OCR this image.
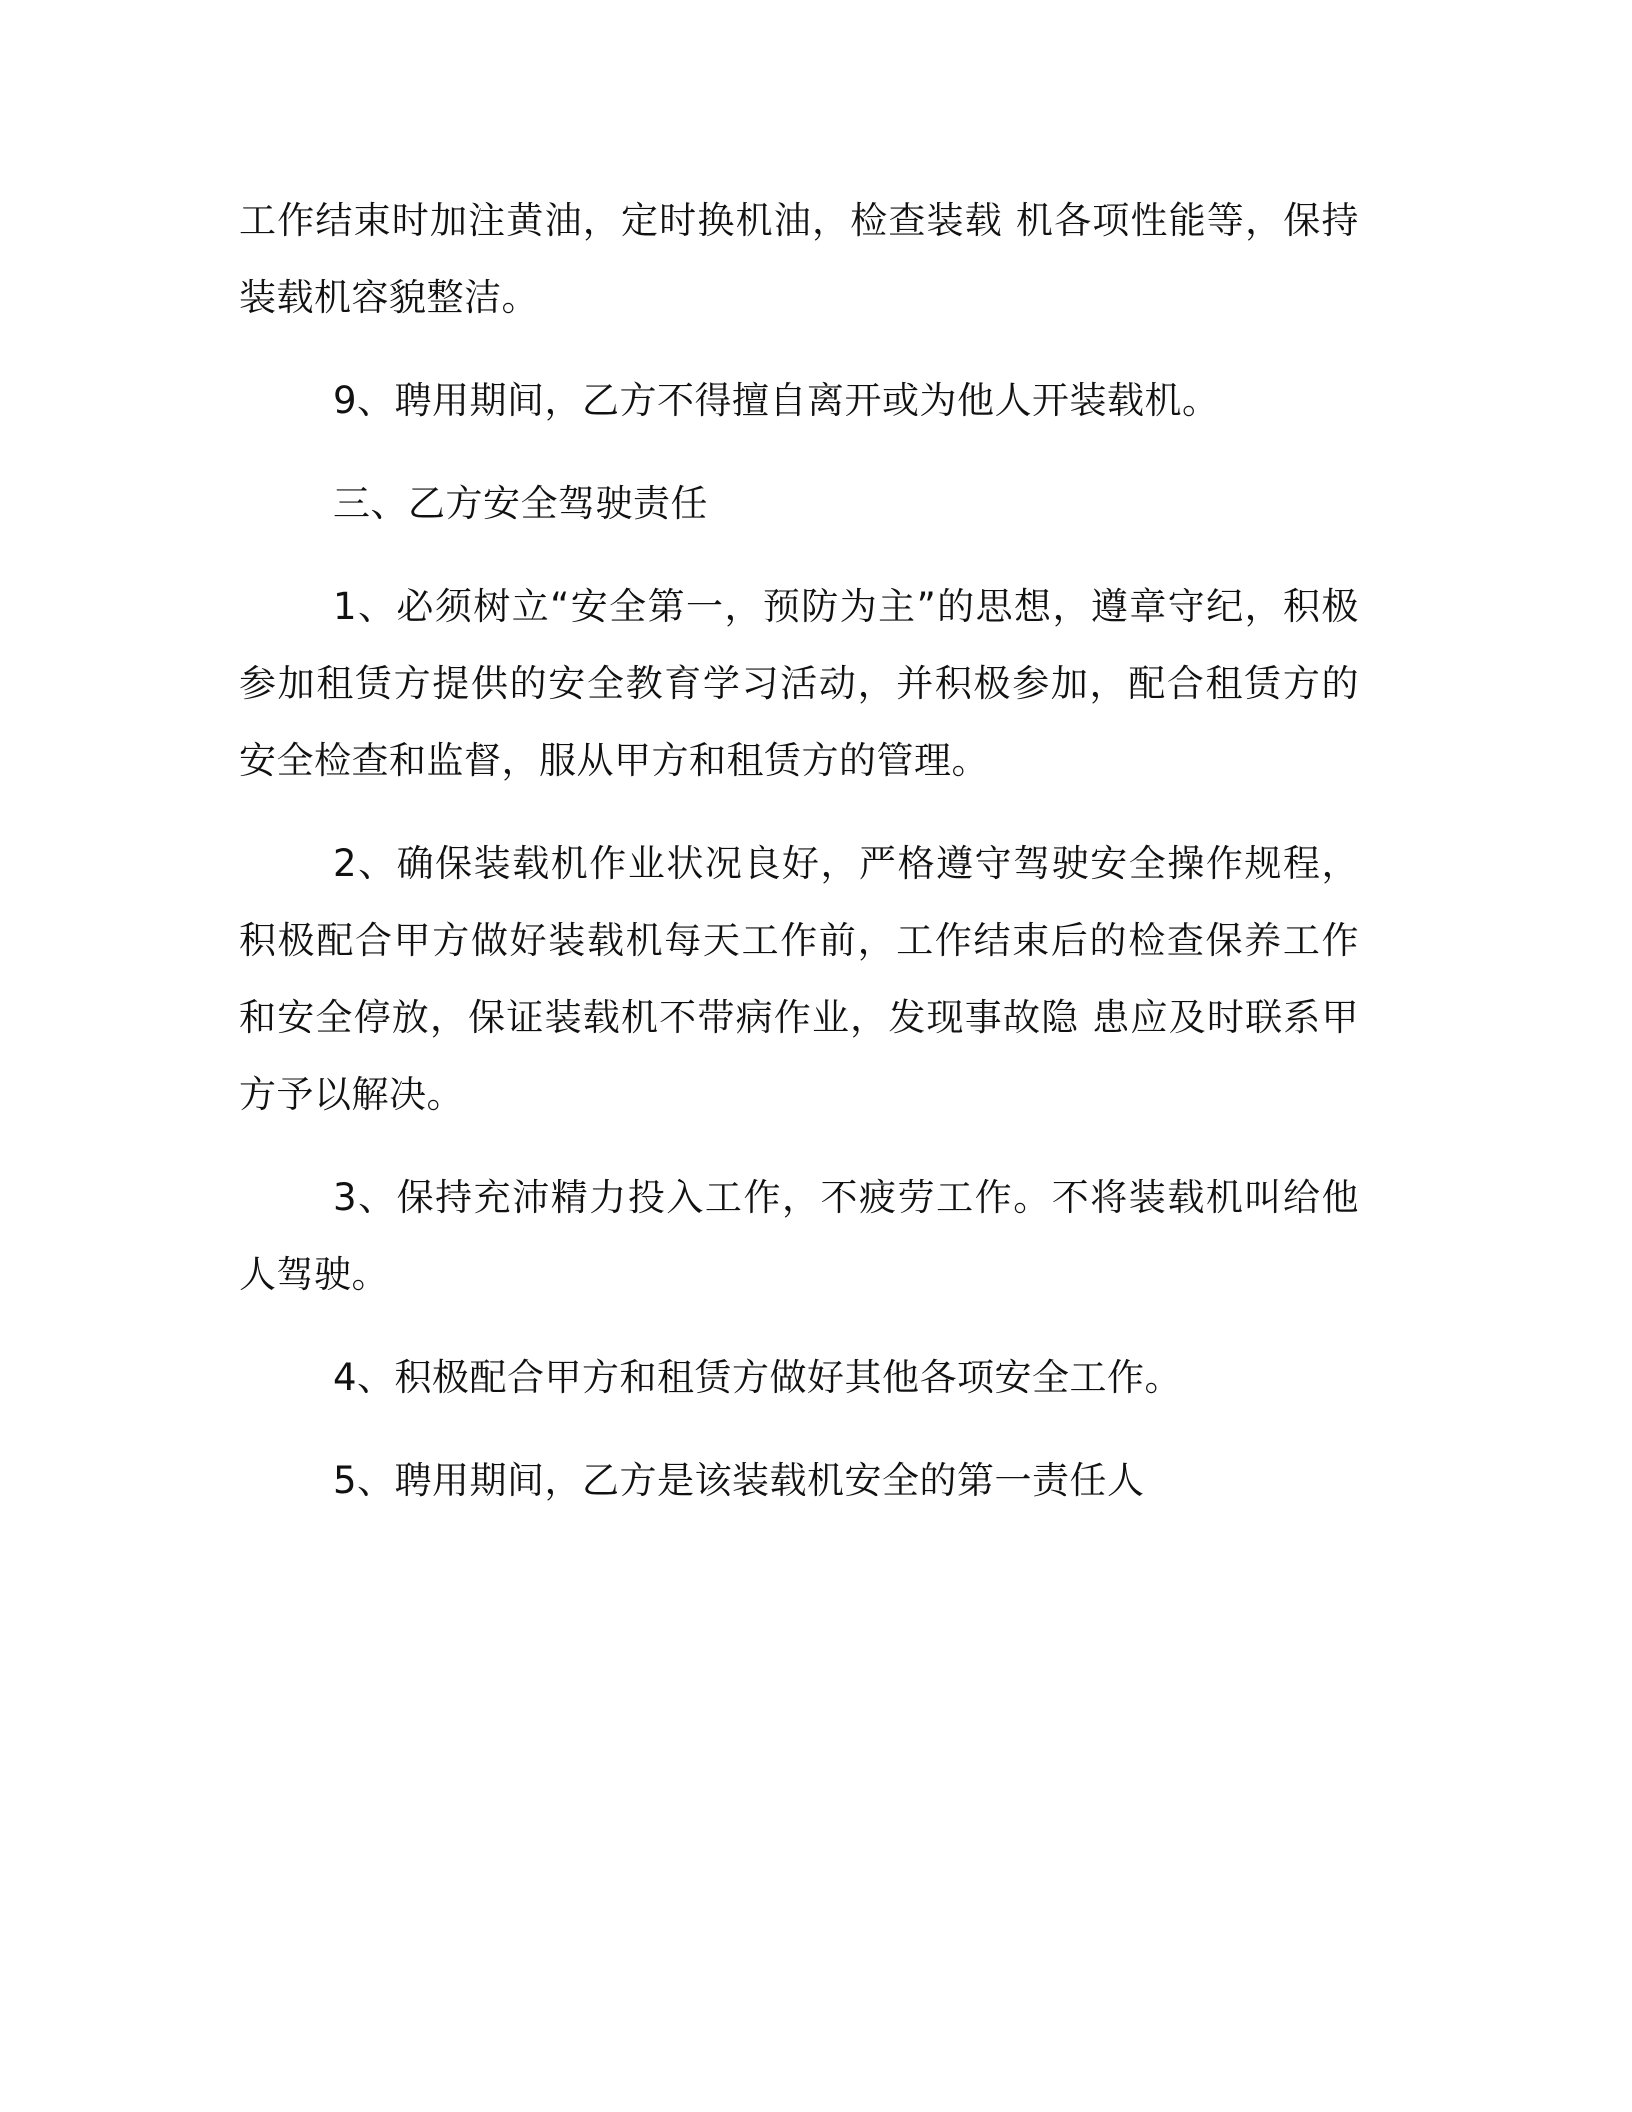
工作结束时加注黄油，定时换机油，检查装载 机各项性能等，保持装载机容貌整洁。

9、聘用期间，乙方不得擅自离开或为他人开装载机。

三、乙方安全驾驶责任

1、必须树立“安全第一，预防为主”的思想，遵章守纪，积极参加租赁方提供的安全教育学习活动，并积极参加，配合租赁方的安全检查和监督，服从甲方和租赁方的管理。

2、确保装载机作业状况良好，严格遵守驾驶安全操作规程，积极配合甲方做好装载机每天工作前，工作结束后的检查保养工作和安全停放，保证装载机不带病作业，发现事故隐 患应及时联系甲方予以解决。

3、保持充沛精力投入工作，不疲劳工作。不将装载机叫给他人驾驶。

4、积极配合甲方和租赁方做好其他各项安全工作。

5、聘用期间，乙方是该装载机安全的第一责任人
